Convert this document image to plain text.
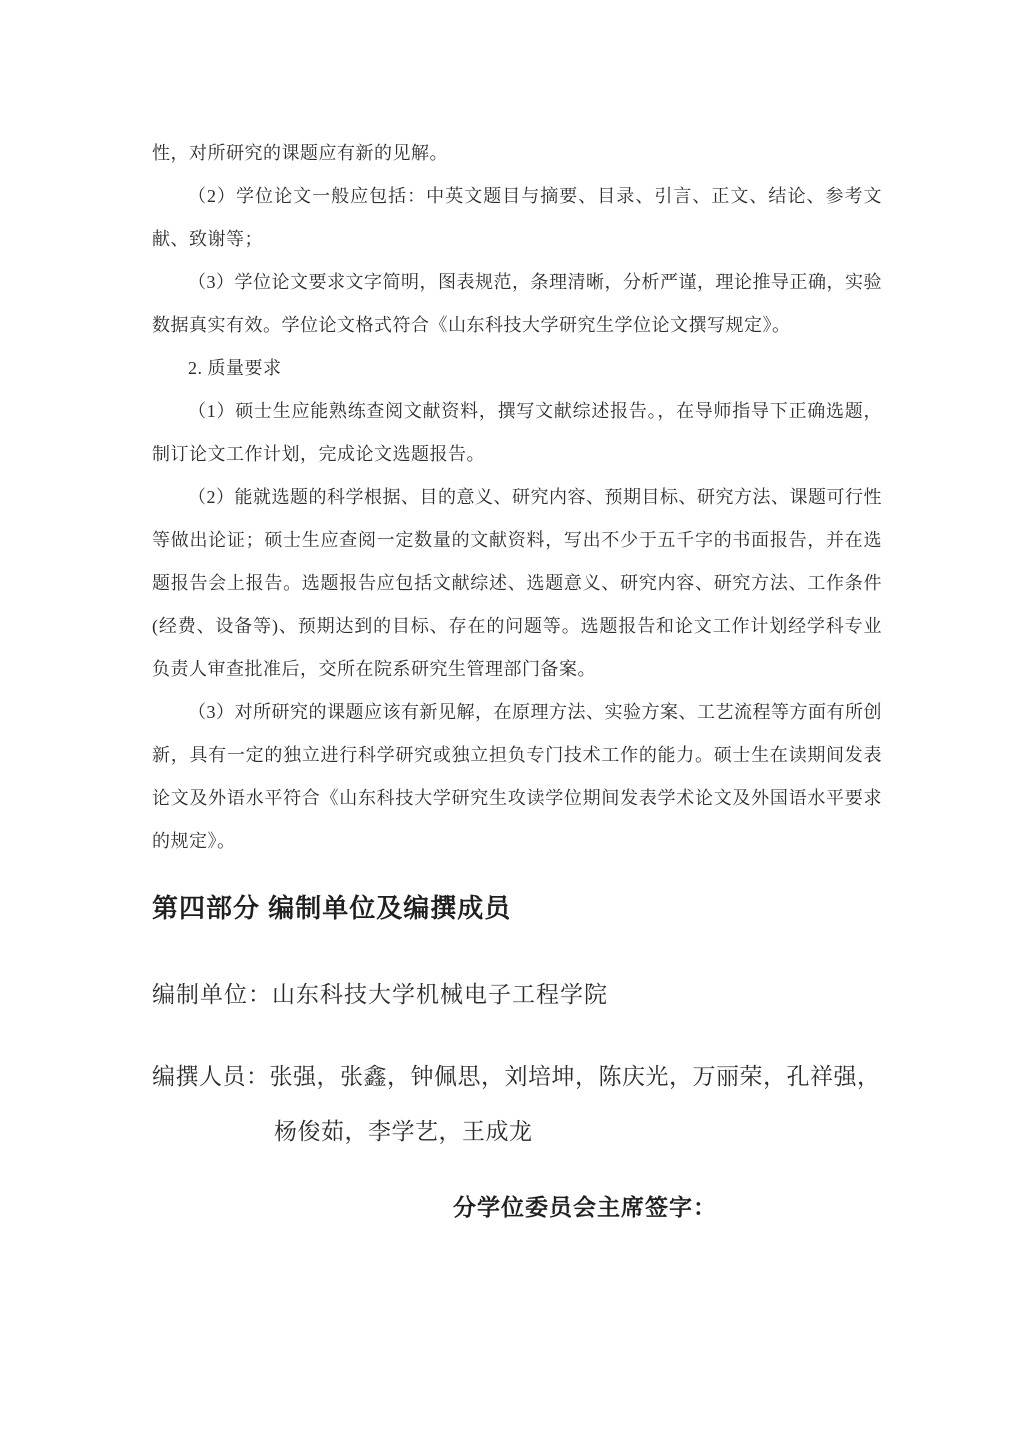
性，对所研究的课题应有新的见解。

（2）学位论文一般应包括：中英文题目与摘要、目录、引言、正文、结论、参考文献、致谢等；

（3）学位论文要求文字简明，图表规范，条理清晰，分析严谨，理论推导正确，实验数据真实有效。学位论文格式符合《山东科技大学研究生学位论文撰写规定》。

2. 质量要求

（1）硕士生应能熟练查阅文献资料，撰写文献综述报告。，在导师指导下正确选题，制订论文工作计划，完成论文选题报告。

（2）能就选题的科学根据、目的意义、研究内容、预期目标、研究方法、课题可行性等做出论证；硕士生应查阅一定数量的文献资料，写出不少于五千字的书面报告，并在选题报告会上报告。选题报告应包括文献综述、选题意义、研究内容、研究方法、工作条件 (经费、设备等)、预期达到的目标、存在的问题等。选题报告和论文工作计划经学科专业负责人审查批准后，交所在院系研究生管理部门备案。

（3）对所研究的课题应该有新见解，在原理方法、实验方案、工艺流程等方面有所创新，具有一定的独立进行科学研究或独立担负专门技术工作的能力。硕士生在读期间发表论文及外语水平符合《山东科技大学研究生攻读学位期间发表学术论文及外国语水平要求的规定》。

第四部分 编制单位及编撰成员
编制单位：山东科技大学机械电子工程学院
编撰人员：张强，张鑫，钟佩思，刘培坤，陈庆光，万丽荣，孔祥强，
杨俊茹，李学艺，王成龙
分学位委员会主席签字：
